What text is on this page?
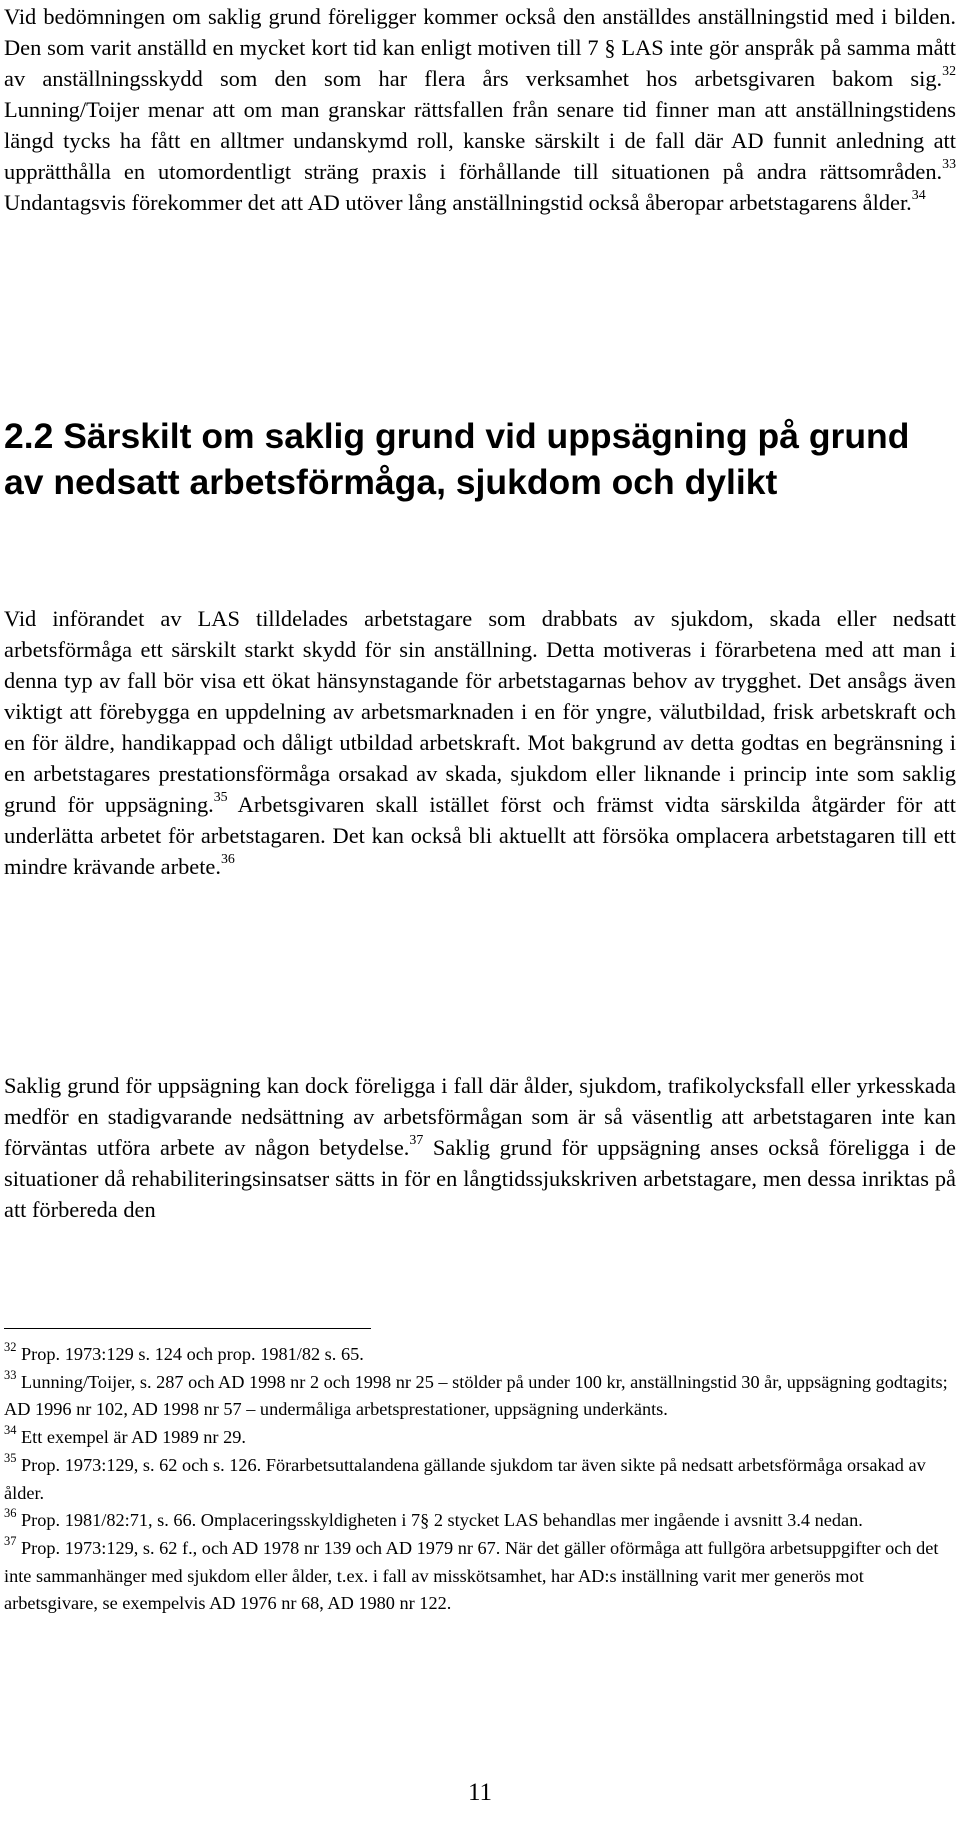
Vid bedömningen om saklig grund föreligger kommer också den anställdes anställningstid med i bilden. Den som varit anställd en mycket kort tid kan enligt motiven till 7 § LAS inte gör anspråk på samma mått av anställningsskydd som den som har flera års verksamhet hos arbetsgivaren bakom sig.$^{32}$ Lunning/Toijer menar att om man granskar rättsfallen från senare tid finner man att anställningstidens längd tycks ha fått en alltmer undanskymd roll, kanske särskilt i de fall där AD funnit anledning att upprätthålla en utomordentligt sträng praxis i förhållande till situationen på andra rättsområden.$^{33}$ Undantagsvis förekommer det att AD utöver lång anställningstid också åberopar arbetstagarens ålder.$^{34}$

2.2 Särskilt om saklig grund vid uppsägning på grund av nedsatt arbetsförmåga, sjukdom och dylikt

Vid införandet av LAS tilldelades arbetstagare som drabbats av sjukdom, skada eller nedsatt arbetsförmåga ett särskilt starkt skydd för sin anställning. Detta motiveras i förarbetena med att man i denna typ av fall bör visa ett ökat hänsynstagande för arbetstagarnas behov av trygghet. Det ansågs även viktigt att förebygga en uppdelning av arbetsmarknaden i en för yngre, välutbildad, frisk arbetskraft och en för äldre, handikappad och dåligt utbildad arbetskraft. Mot bakgrund av detta godtas en begränsning i en arbetstagares prestationsförmåga orsakad av skada, sjukdom eller liknande i princip inte som saklig grund för uppsägning.$^{35}$ Arbetsgivaren skall istället först och främst vidta särskilda åtgärder för att underlätta arbetet för arbetstagaren. Det kan också bli aktuellt att försöka omplacera arbetstagaren till ett mindre krävande arbete.$^{36}$

Saklig grund för uppsägning kan dock föreligga i fall där ålder, sjukdom, trafikolycksfall eller yrkesskada medför en stadigvarande nedsättning av arbetsförmågan som är så väsentlig att arbetstagaren inte kan förväntas utföra arbete av någon betydelse.$^{37}$ Saklig grund för uppsägning anses också föreligga i de situationer då rehabiliteringsinsatser sätts in för en långtidssjukskriven arbetstagare, men dessa inriktas på att förbereda den

$^{32}$ Prop. 1973:129 s. 124 och prop. 1981/82 s. 65.
$^{33}$ Lunning/Toijer, s. 287 och AD 1998 nr 2 och 1998 nr 25 – stölder på under 100 kr, anställningstid 30 år, uppsägning godtagits; AD 1996 nr 102, AD 1998 nr 57 – undermåliga arbetsprestationer, uppsägning underkänts.
$^{34}$ Ett exempel är AD 1989 nr 29.
$^{35}$ Prop. 1973:129, s. 62 och s. 126. Förarbetsuttalandena gällande sjukdom tar även sikte på nedsatt arbetsförmåga orsakad av ålder.
$^{36}$ Prop. 1981/82:71, s. 66. Omplaceringsskyldigheten i 7§ 2 stycket LAS behandlas mer ingående i avsnitt 3.4 nedan.
$^{37}$ Prop. 1973:129, s. 62 f., och AD 1978 nr 139 och AD 1979 nr 67. När det gäller oförmåga att fullgöra arbetsuppgifter och det inte sammanhänger med sjukdom eller ålder, t.ex. i fall av misskötsamhet, har AD:s inställning varit mer generös mot arbetsgivare, se exempelvis AD 1976 nr 68, AD 1980 nr 122.

11
